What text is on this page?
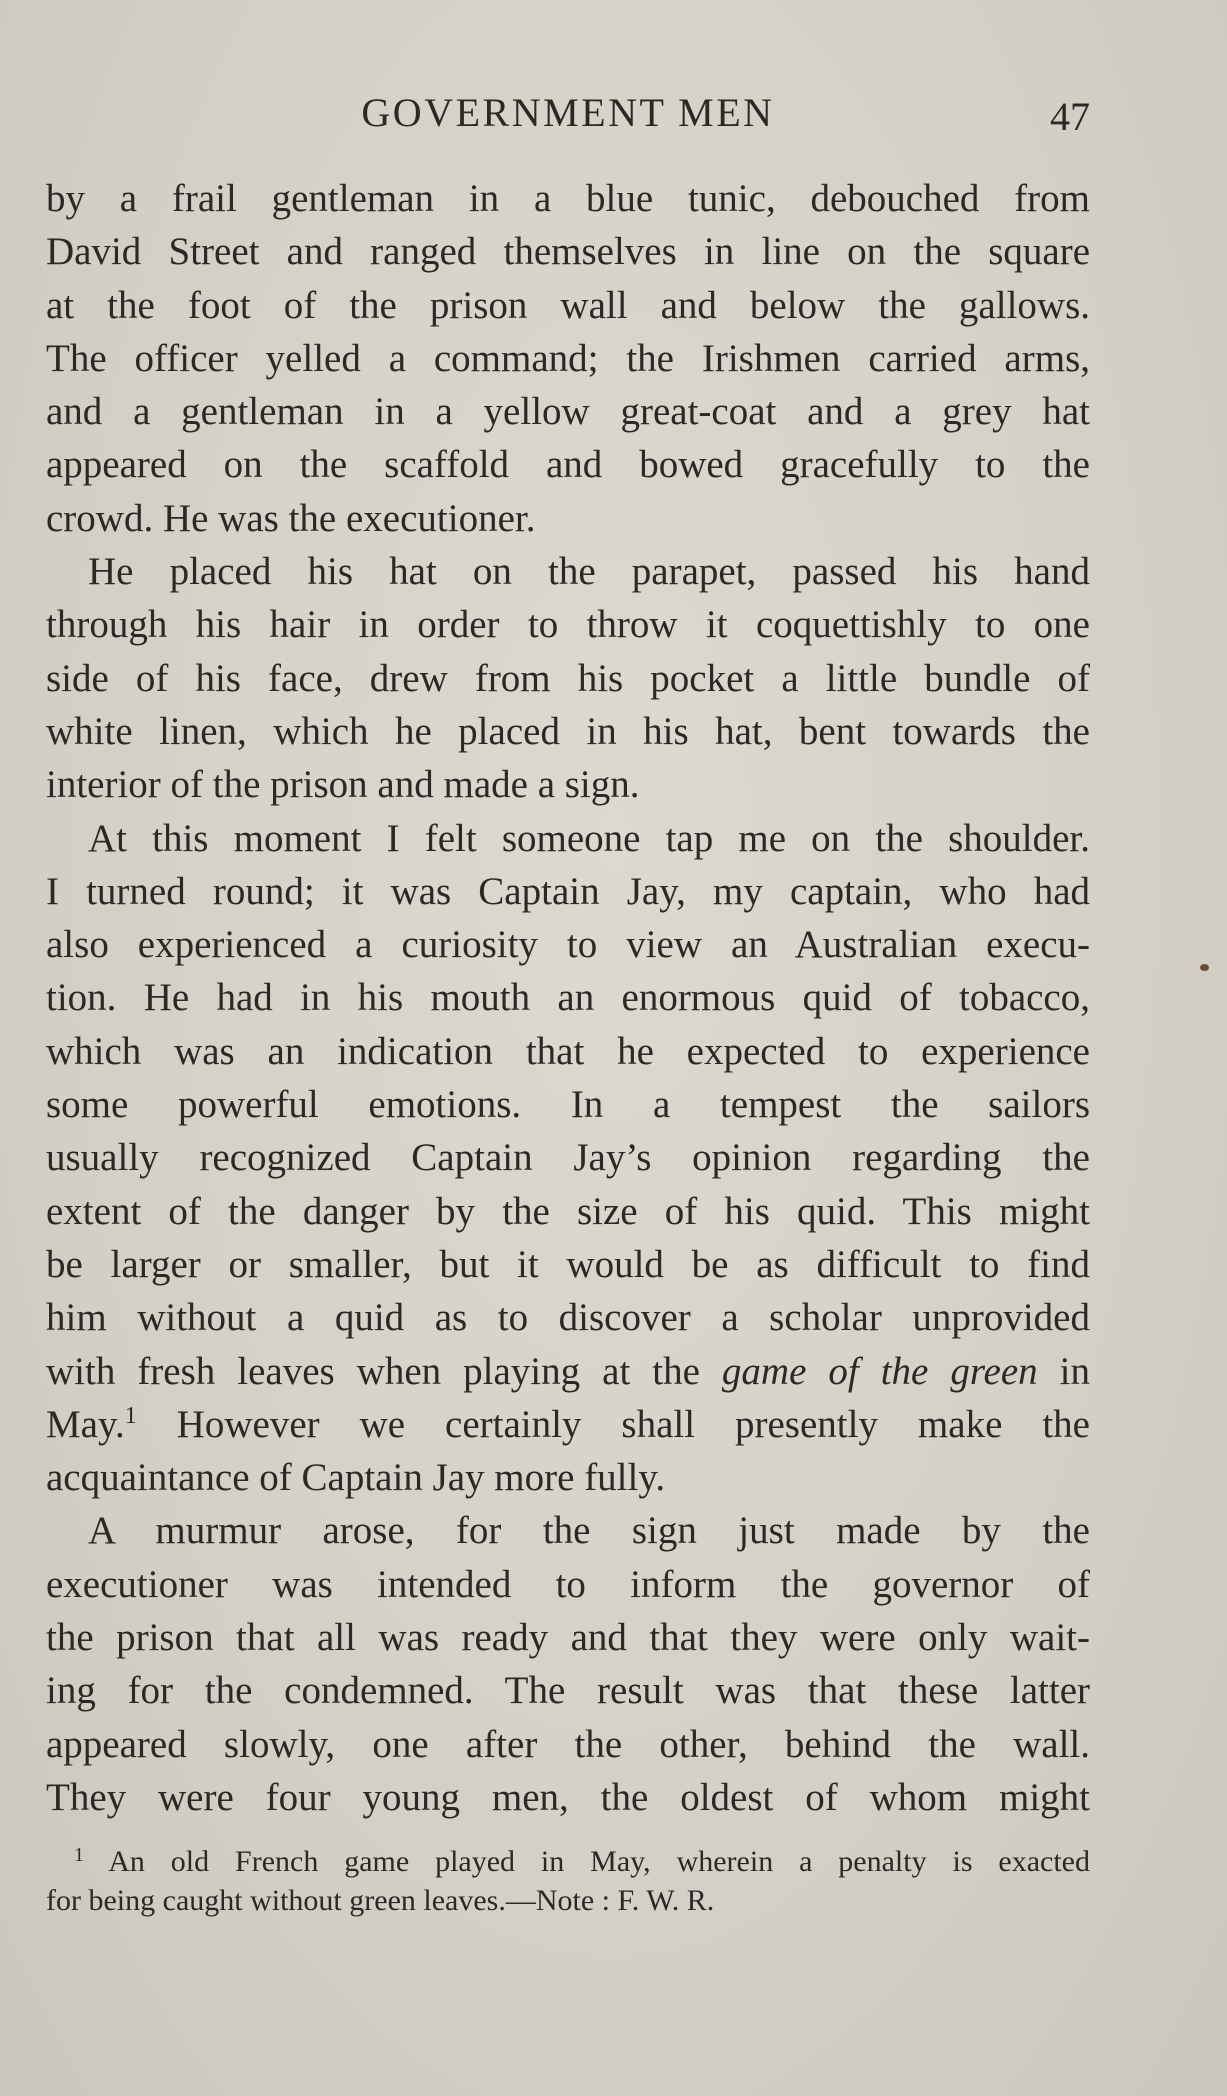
GOVERNMENT MEN	47

by a frail gentleman in a blue tunic, debouched from
David Street and ranged themselves in line on the square
at the foot of the prison wall and below the gallows.
The officer yelled a command; the Irishmen carried arms,
and a gentleman in a yellow great-coat and a grey hat
appeared on the scaffold and bowed gracefully to the
crowd. He was the executioner.

He placed his hat on the parapet, passed his hand
through his hair in order to throw it coquettishly to one
side of his face, drew from his pocket a little bundle of
white linen, which he placed in his hat, bent towards the
interior of the prison and made a sign.

At this moment I felt someone tap me on the shoulder.
I turned round; it was Captain Jay, my captain, who had
also experienced a curiosity to view an Australian execu-
tion. He had in his mouth an enormous quid of tobacco,
which was an indication that he expected to experience
some powerful emotions. In a tempest the sailors
usually recognized Captain Jay’s opinion regarding the
extent of the danger by the size of his quid. This might
be larger or smaller, but it would be as difficult to find
him without a quid as to discover a scholar unprovided
with fresh leaves when playing at the game of the green in
May.$^1$ However we certainly shall presently make the
acquaintance of Captain Jay more fully.

A murmur arose, for the sign just made by the
executioner was intended to inform the governor of
the prison that all was ready and that they were only wait-
ing for the condemned. The result was that these latter
appeared slowly, one after the other, behind the wall.
They were four young men, the oldest of whom might

$^1$ An old French game played in May, wherein a penalty is exacted
for being caught without green leaves.—Note : F. W. R.
